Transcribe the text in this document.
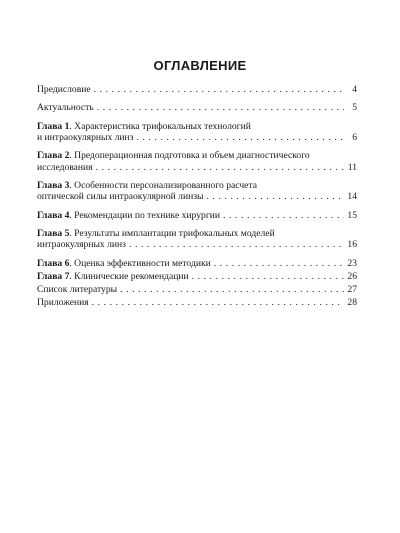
ОГЛАВЛЕНИЕ
Предисловие . . .	4
Актуальность . . .	5
Глава 1. Характеристика трифокальных технологий
и интраокулярных линз . . .	6
Глава 2. Предоперационная подготовка и объем диагностического
исследования . . .	11
Глава 3. Особенности персонализированного расчета
оптической силы интраокулярной линзы . . .	14
Глава 4. Рекомендации по технике хирургии . . .	15
Глава 5. Результаты имплантации трифокальных моделей
интраокулярных линз . . .	16
Глава 6. Оценка эффективности методики . . .	23
Глава 7. Клинические рекомендации . . .	26
Список литературы . . .	27
Приложения . . .	28
